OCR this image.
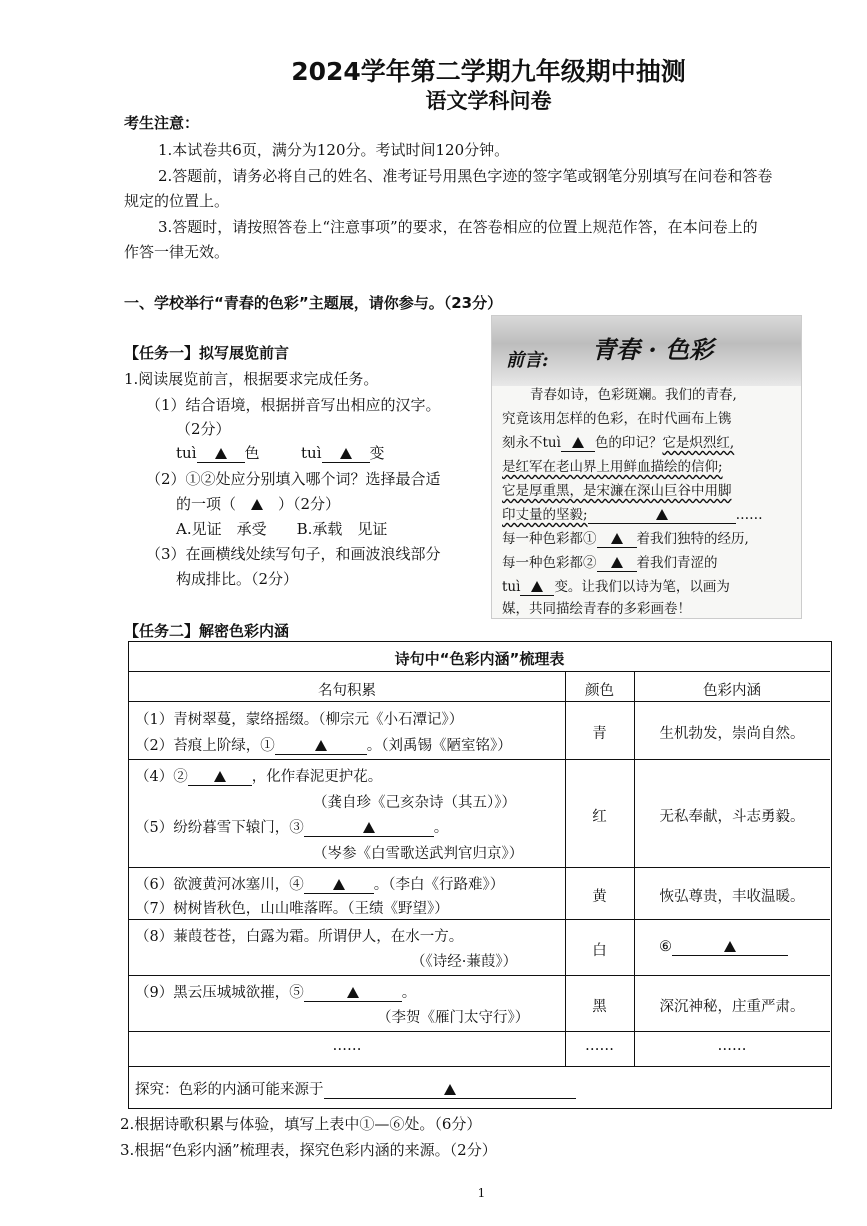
2024学年第二学期九年级期中抽测
语文学科问卷
考生注意：
1.本试卷共6页，满分为120分。考试时间120分钟。
2.答题前，请务必将自己的姓名、准考证号用黑色字迹的签字笔或钢笔分别填写在问卷和答卷
规定的位置上。
3.答题时，请按照答卷上“注意事项”的要求，在答卷相应的位置上规范作答，在本问卷上的
作答一律无效。
一、学校举行“青春的色彩”主题展，请你参与。（23分）
【任务一】拟写展览前言
1.阅读展览前言，根据要求完成任务。
（1）结合语境，根据拼音写出相应的汉字。
（2分）
tuì	色	tuì	变
（2）①②处应分别填入哪个词？选择最合适
的一项（	）（2分）
A.见证　承受　　B.承载　见证
（3）在画横线处续写句子，和画波浪线部分
构成排比。（2分）
青春 · 色彩
前言:
青春如诗，色彩斑斓。我们的青春,
究竟该用怎样的色彩，在时代画布上镌
刻永不tuì	色的印记？它是炽烈红,
是红军在老山界上用鲜血描绘的信仰;
它是厚重黑，是宋濂在深山巨谷中用脚
印丈量的坚毅;	……
每一种色彩都①	着我们独特的经历,
每一种色彩都②	着我们青涩的
tuì	变。让我们以诗为笔，以画为
媒，共同描绘青春的多彩画卷！
【任务二】解密色彩内涵
诗句中“色彩内涵”梳理表
名句积累	颜色	色彩内涵
（1）青树翠蔓，蒙络摇缀。（柳宗元《小石潭记》）
（2）苔痕上阶绿，①	。（刘禹锡《陋室铭》）
青	生机勃发，崇尚自然。
（4）②	，化作春泥更护花。
（龚自珍《己亥杂诗（其五）》）
（5）纷纷暮雪下辕门，③	。
（岑参《白雪歌送武判官归京》）
红	无私奉献，斗志勇毅。
（6）欲渡黄河冰塞川，④	。（李白《行路难》）
（7）树树皆秋色，山山唯落晖。（王绩《野望》）
黄	恢弘尊贵，丰收温暖。
（8）蒹葭苍苍，白露为霜。所谓伊人，在水一方。
（《诗经·蒹葭》）
白	⑥
（9）黑云压城城欲摧，⑤	。
（李贺《雁门太守行》）
黑	深沉神秘，庄重严肃。
……	……	……
探究：色彩的内涵可能来源于
2.根据诗歌积累与体验，填写上表中①—⑥处。（6分）
3.根据“色彩内涵”梳理表，探究色彩内涵的来源。（2分）
1
